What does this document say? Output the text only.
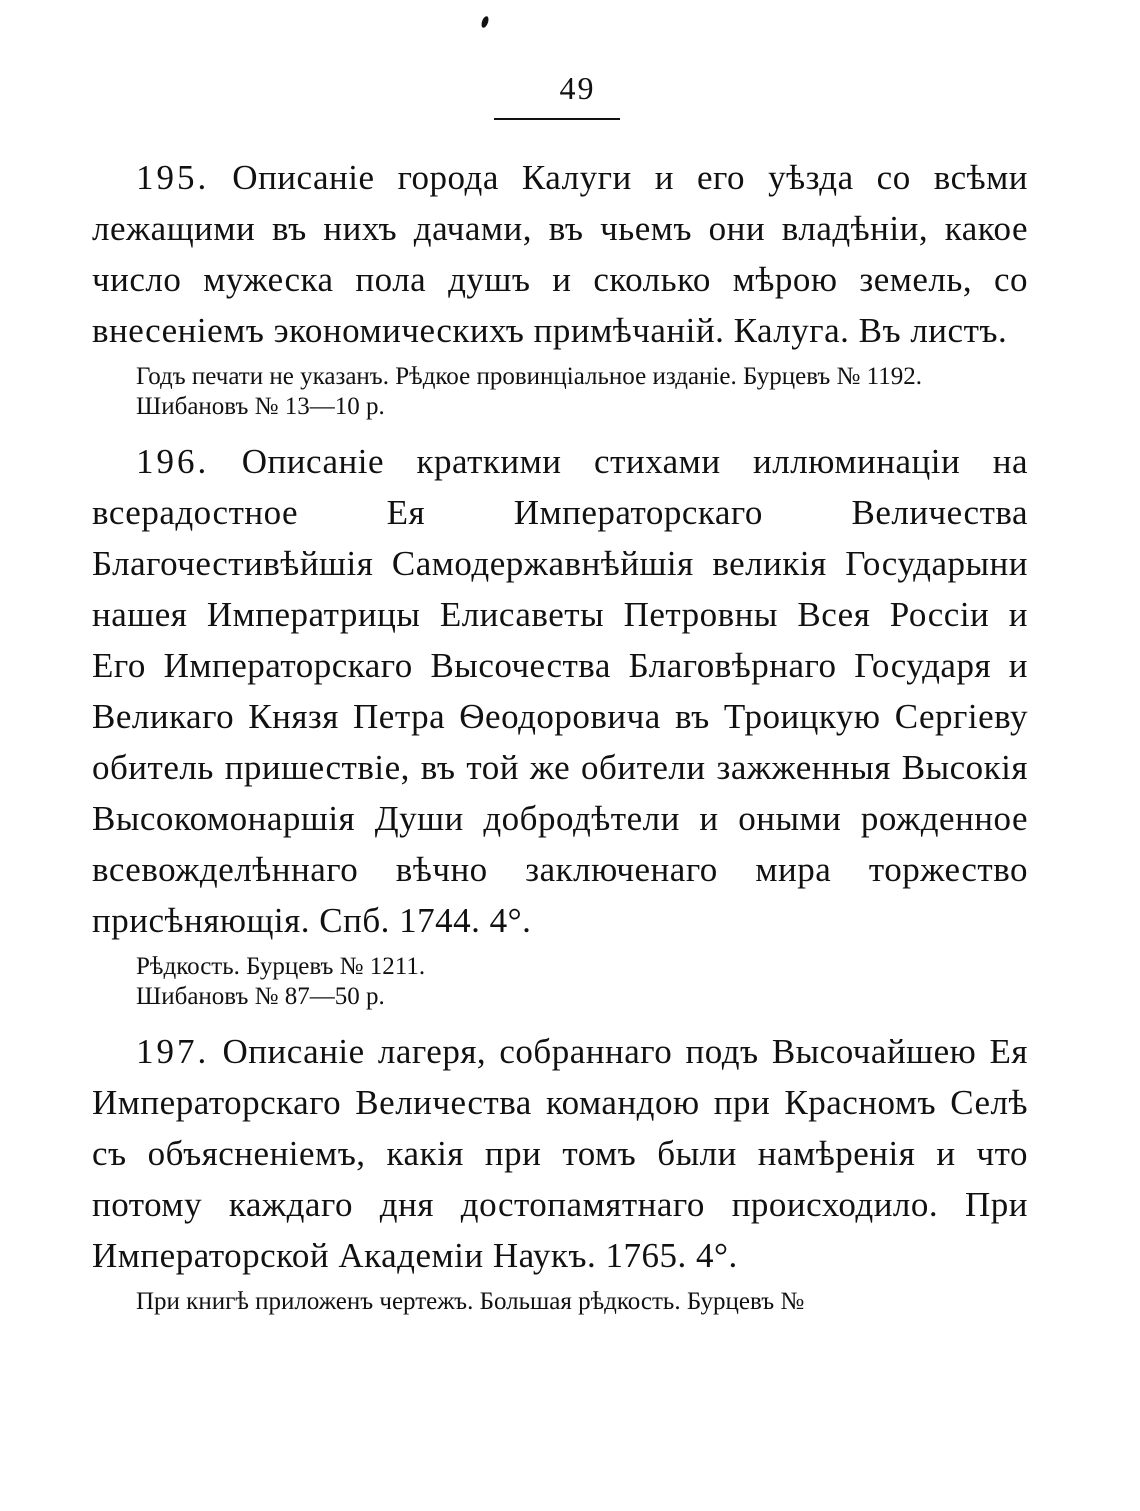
49

195. Описаніе города Калуги и его уѣзда со всѣми лежащими въ нихъ дачами, въ чьемъ они владѣніи, какое число мужеска пола душъ и сколько мѣрою земель, со внесеніемъ экономическихъ примѣчаній. Калуга. Въ листъ.

Годъ печати не указанъ. Рѣдкое провинціальное изданіе. Бурцевъ № 1192.

Шибановъ № 13—10 р.

196. Описаніе краткими стихами иллюминаціи на всерадостное Ея Императорскаго Величества Благочестивѣйшія Самодержавнѣйшія великія Государыни нашея Императрицы Елисаветы Петровны Всея Россіи и Его Императорскаго Высочества Благовѣрнаго Государя и Великаго Князя Петра Ѳеодоровича въ Троицкую Сергіеву обитель пришествіе, въ той же обители зажженныя Высокія Высокомонаршія Души добродѣтели и оными рожденное всевожделѣннаго вѣчно заключенаго мира торжество присѣняющія. Спб. 1744. 4°.

Рѣдкость. Бурцевъ № 1211.

Шибановъ № 87—50 р.

197. Описаніе лагеря, собраннаго подъ Высочайшею Ея Императорскаго Величества командою при Красномъ Селѣ съ объясненіемъ, какія при томъ были намѣренія и что потому каждаго дня достопамятнаго происходило. При Императорской Академіи Наукъ. 1765. 4°.

При книгѣ приложенъ чертежъ. Большая рѣдкость. Бурцевъ №
